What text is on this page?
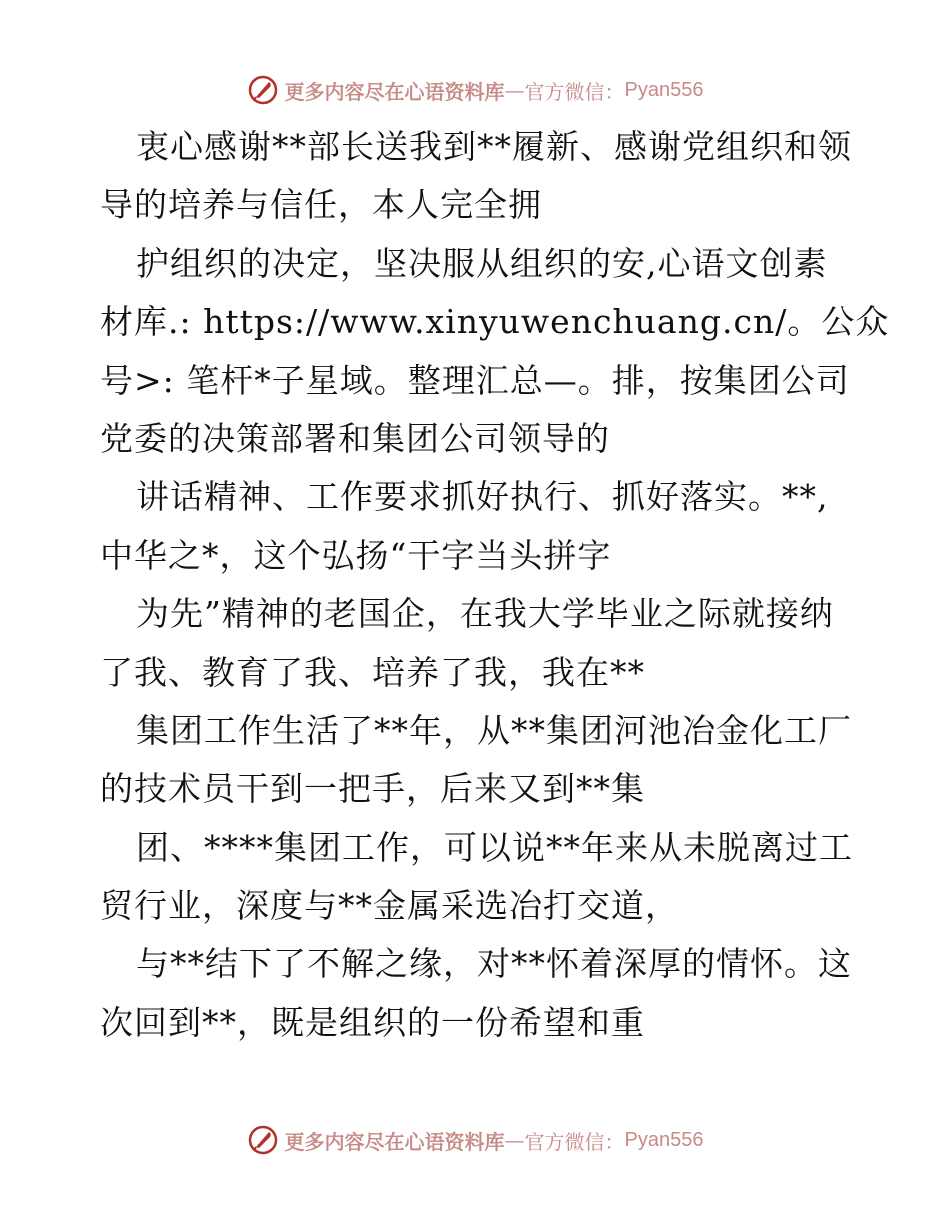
更多内容尽在心语资料库 — 官方微信： Pyan556
衷心感谢**部长送我到**履新、感谢党组织和领
导的培养与信任，本人完全拥
护组织的决定，坚决服从组织的安,心语文创素
材库.: https://www.xinyuwenchuang.cn/。公众
号>: 笔杆*子星域。整理汇总—。排，按集团公司
党委的决策部署和集团公司领导的
讲话精神、工作要求抓好执行、抓好落实。**,
中华之*，这个弘扬“干字当头拼字
为先”精神的老国企，在我大学毕业之际就接纳
了我、教育了我、培养了我，我在**
集团工作生活了**年，从**集团河池冶金化工厂
的技术员干到一把手，后来又到**集
团、****集团工作，可以说**年来从未脱离过工
贸行业，深度与**金属采选冶打交道，
与**结下了不解之缘，对**怀着深厚的情怀。这
次回到**，既是组织的一份希望和重
更多内容尽在心语资料库 — 官方微信： Pyan556
